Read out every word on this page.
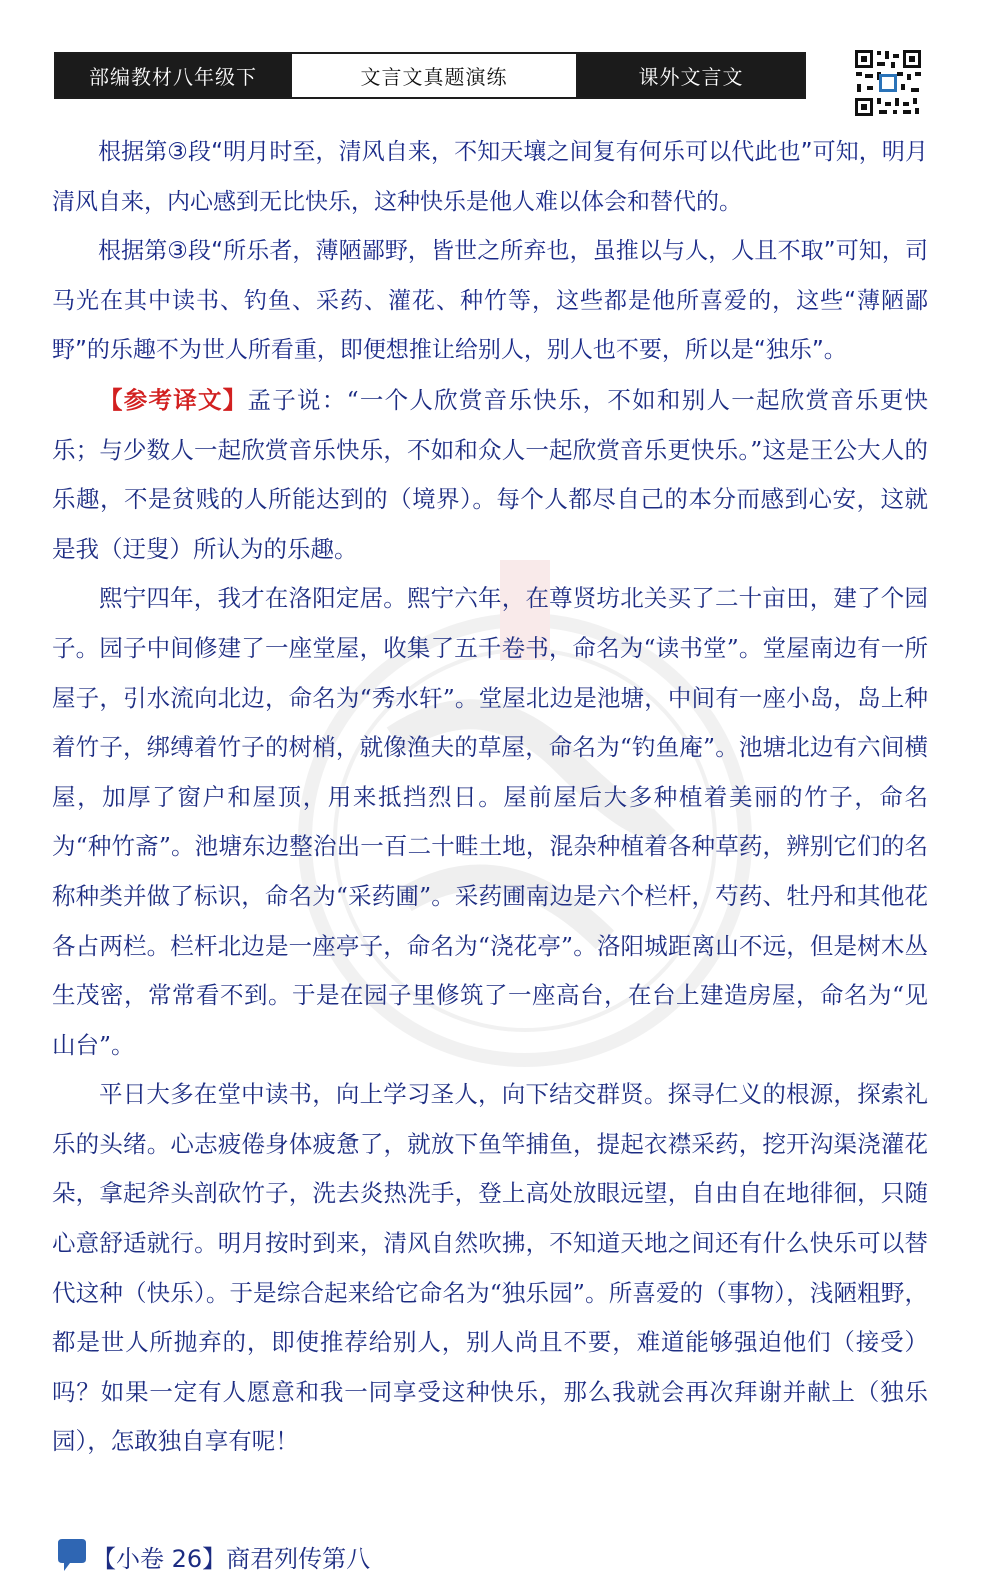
部编教材八年级下	文言文真题演练	课外文言文

根据第③段“明月时至，清风自来，不知天壤之间复有何乐可以代此也”可知，明月清风自来，内心感到无比快乐，这种快乐是他人难以体会和替代的。

根据第③段“所乐者，薄陋鄙野，皆世之所弃也，虽推以与人，人且不取”可知，司马光在其中读书、钓鱼、采药、灌花、种竹等，这些都是他所喜爱的，这些“薄陋鄙野”的乐趣不为世人所看重，即便想推让给别人，别人也不要，所以是“独乐”。

【参考译文】孟子说：“一个人欣赏音乐快乐，不如和别人一起欣赏音乐更快乐；与少数人一起欣赏音乐快乐，不如和众人一起欣赏音乐更快乐。”这是王公大人的乐趣，不是贫贱的人所能达到的（境界）。每个人都尽自己的本分而感到心安，这就是我（迂叟）所认为的乐趣。

熙宁四年，我才在洛阳定居。熙宁六年，在尊贤坊北关买了二十亩田，建了个园子。园子中间修建了一座堂屋，收集了五千卷书，命名为“读书堂”。堂屋南边有一所屋子，引水流向北边，命名为“秀水轩”。堂屋北边是池塘，中间有一座小岛，岛上种着竹子，绑缚着竹子的树梢，就像渔夫的草屋，命名为“钓鱼庵”。池塘北边有六间横屋，加厚了窗户和屋顶，用来抵挡烈日。屋前屋后大多种植着美丽的竹子，命名为“种竹斋”。池塘东边整治出一百二十畦土地，混杂种植着各种草药，辨别它们的名称种类并做了标识，命名为“采药圃”。采药圃南边是六个栏杆，芍药、牡丹和其他花各占两栏。栏杆北边是一座亭子，命名为“浇花亭”。洛阳城距离山不远，但是树木丛生茂密，常常看不到。于是在园子里修筑了一座高台，在台上建造房屋，命名为“见山台”。

平日大多在堂中读书，向上学习圣人，向下结交群贤。探寻仁义的根源，探索礼乐的头绪。心志疲倦身体疲惫了，就放下鱼竿捕鱼，提起衣襟采药，挖开沟渠浇灌花朵，拿起斧头剖砍竹子，洗去炎热洗手，登上高处放眼远望，自由自在地徘徊，只随心意舒适就行。明月按时到来，清风自然吹拂，不知道天地之间还有什么快乐可以替代这种（快乐）。于是综合起来给它命名为“独乐园”。所喜爱的（事物），浅陋粗野，都是世人所抛弃的，即使推荐给别人，别人尚且不要，难道能够强迫他们（接受）吗？如果一定有人愿意和我一同享受这种快乐，那么我就会再次拜谢并献上（独乐园），怎敢独自享有呢！

【小卷 26】商君列传第八
